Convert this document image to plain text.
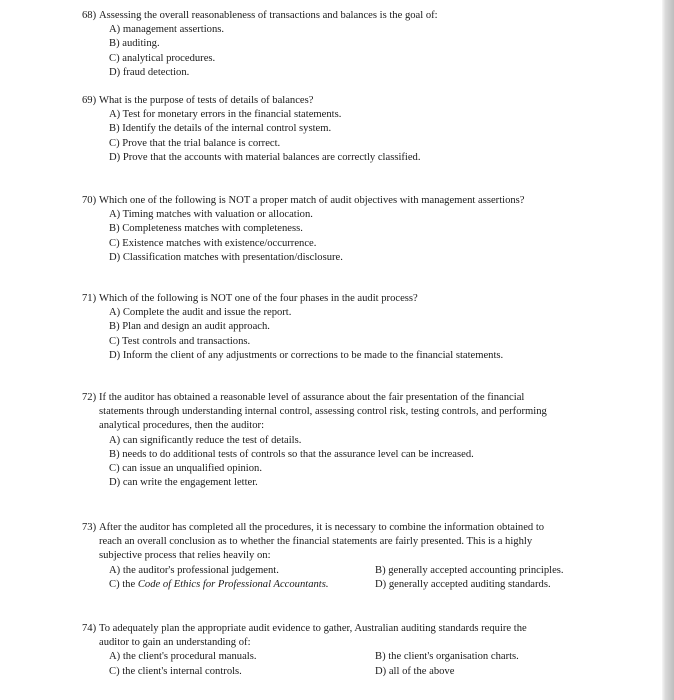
68) Assessing the overall reasonableness of transactions and balances is the goal of:
A) management assertions.
B) auditing.
C) analytical procedures.
D) fraud detection.
69) What is the purpose of tests of details of balances?
A) Test for monetary errors in the financial statements.
B) Identify the details of the internal control system.
C) Prove that the trial balance is correct.
D) Prove that the accounts with material balances are correctly classified.
70) Which one of the following is NOT a proper match of audit objectives with management assertions?
A) Timing matches with valuation or allocation.
B) Completeness matches with completeness.
C) Existence matches with existence/occurrence.
D) Classification matches with presentation/disclosure.
71) Which of the following is NOT one of the four phases in the audit process?
A) Complete the audit and issue the report.
B) Plan and design an audit approach.
C) Test controls and transactions.
D) Inform the client of any adjustments or corrections to be made to the financial statements.
72) If the auditor has obtained a reasonable level of assurance about the fair presentation of the financial
statements through understanding internal control, assessing control risk, testing controls, and performing
analytical procedures, then the auditor:
A) can significantly reduce the test of details.
B) needs to do additional tests of controls so that the assurance level can be increased.
C) can issue an unqualified opinion.
D) can write the engagement letter.
73) After the auditor has completed all the procedures, it is necessary to combine the information obtained to
reach an overall conclusion as to whether the financial statements are fairly presented. This is a highly
subjective process that relies heavily on:
A) the auditor's professional judgement.	B) generally accepted accounting principles.
C) the Code of Ethics for Professional Accountants.	D) generally accepted auditing standards.
74) To adequately plan the appropriate audit evidence to gather, Australian auditing standards require the
auditor to gain an understanding of:
A) the client's procedural manuals.	B) the client's organisation charts.
C) the client's internal controls.	D) all of the above
